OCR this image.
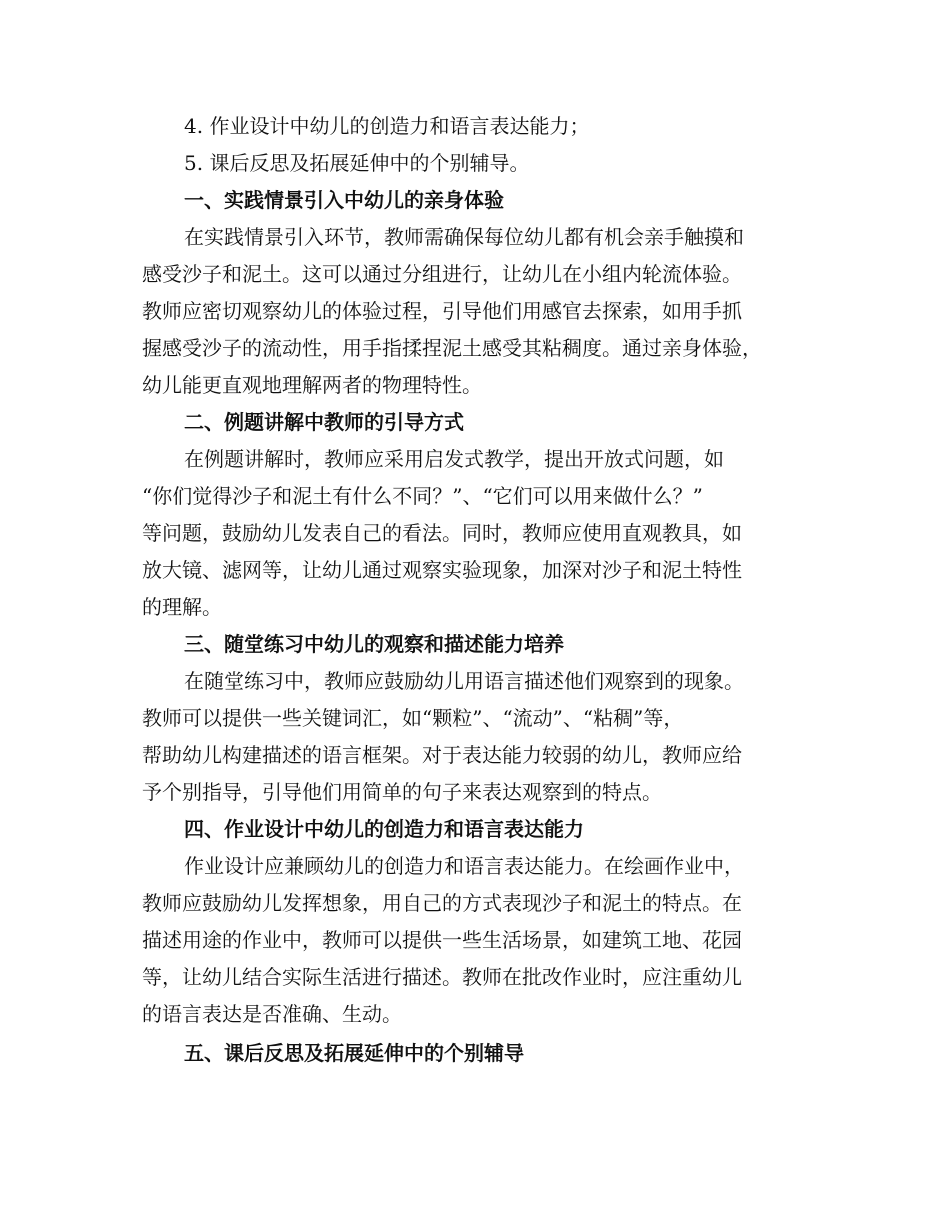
4. 作业设计中幼儿的创造力和语言表达能力；
5. 课后反思及拓展延伸中的个别辅导。
一、实践情景引入中幼儿的亲身体验
在实践情景引入环节，教师需确保每位幼儿都有机会亲手触摸和
感受沙子和泥土。这可以通过分组进行，让幼儿在小组内轮流体验。
教师应密切观察幼儿的体验过程，引导他们用感官去探索，如用手抓
握感受沙子的流动性，用手指揉捏泥土感受其粘稠度。通过亲身体验，
幼儿能更直观地理解两者的物理特性。
二、例题讲解中教师的引导方式
在例题讲解时，教师应采用启发式教学，提出开放式问题，如
“你们觉得沙子和泥土有什么不同？”、“它们可以用来做什么？”
等问题，鼓励幼儿发表自己的看法。同时，教师应使用直观教具，如
放大镜、滤网等，让幼儿通过观察实验现象，加深对沙子和泥土特性
的理解。
三、随堂练习中幼儿的观察和描述能力培养
在随堂练习中，教师应鼓励幼儿用语言描述他们观察到的现象。
教师可以提供一些关键词汇，如“颗粒”、“流动”、“粘稠”等，
帮助幼儿构建描述的语言框架。对于表达能力较弱的幼儿，教师应给
予个别指导，引导他们用简单的句子来表达观察到的特点。
四、作业设计中幼儿的创造力和语言表达能力
作业设计应兼顾幼儿的创造力和语言表达能力。在绘画作业中，
教师应鼓励幼儿发挥想象，用自己的方式表现沙子和泥土的特点。在
描述用途的作业中，教师可以提供一些生活场景，如建筑工地、花园
等，让幼儿结合实际生活进行描述。教师在批改作业时，应注重幼儿
的语言表达是否准确、生动。
五、课后反思及拓展延伸中的个别辅导
